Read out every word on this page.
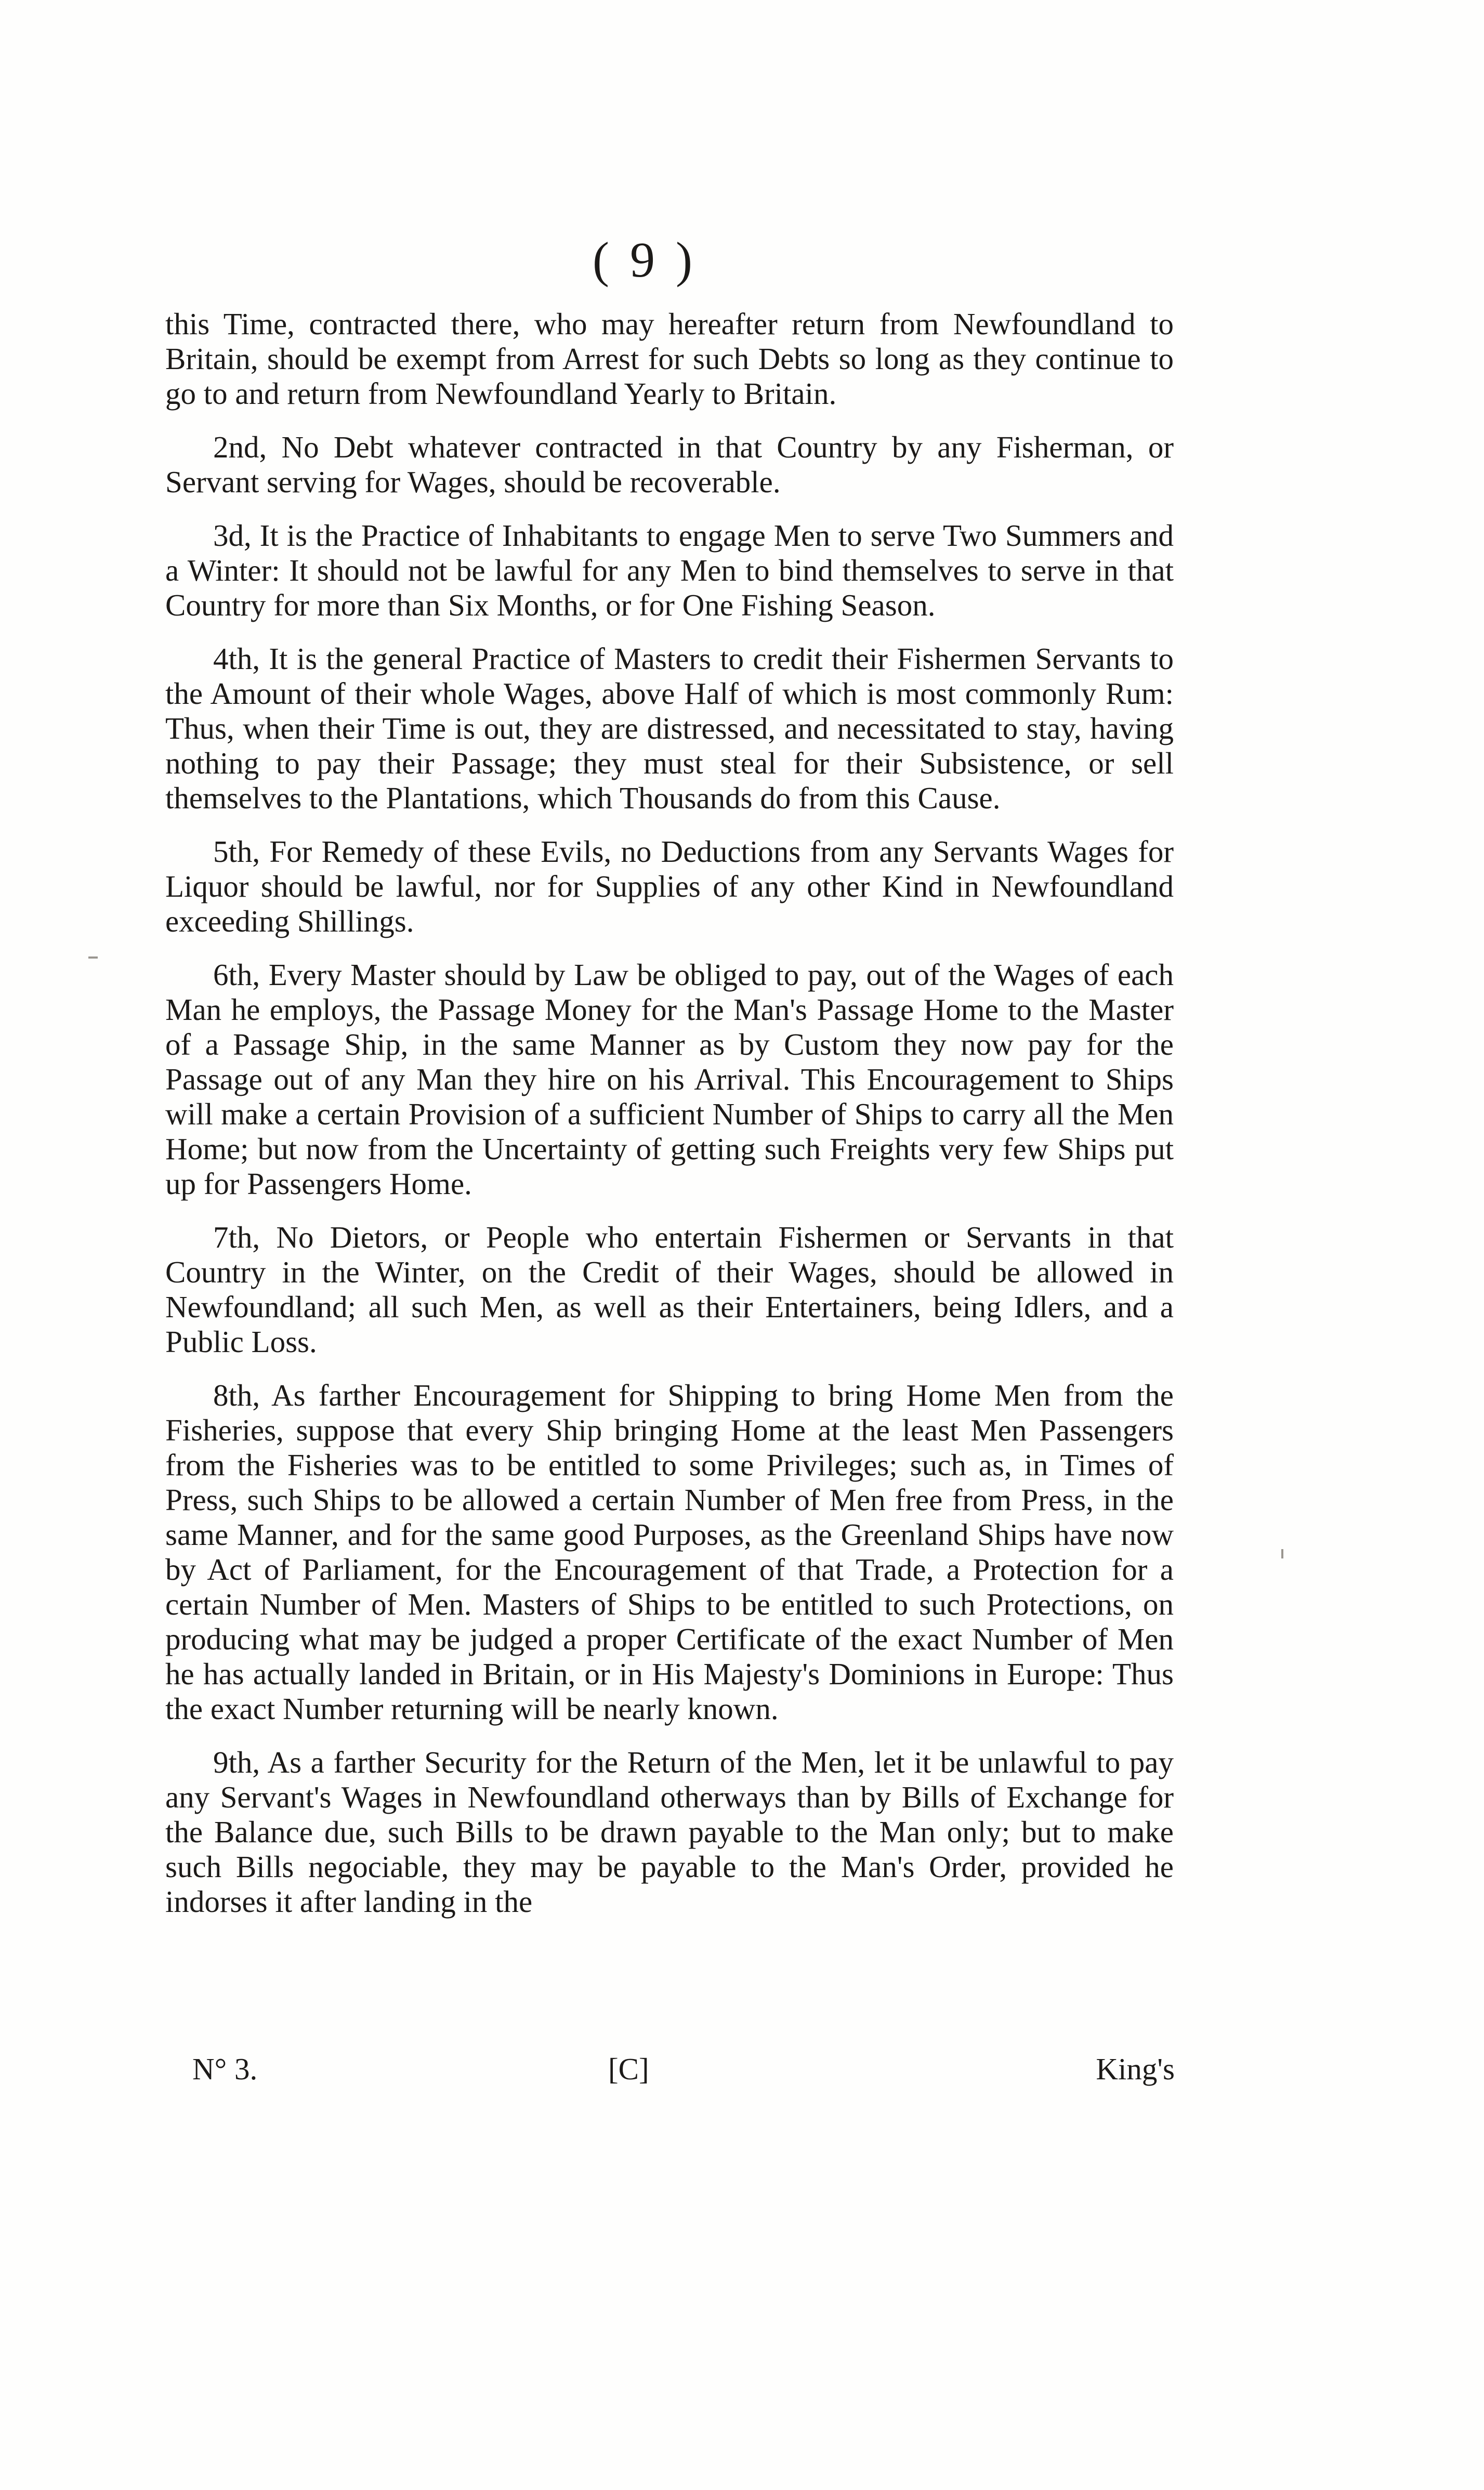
( 9 )

this Time, contracted there, who may hereafter return from Newfoundland to Britain, should be exempt from Arrest for such Debts so long as they continue to go to and return from Newfoundland Yearly to Britain.

2nd, No Debt whatever contracted in that Country by any Fisherman, or Servant serving for Wages, should be recoverable.

3d, It is the Practice of Inhabitants to engage Men to serve Two Summers and a Winter: It should not be lawful for any Men to bind themselves to serve in that Country for more than Six Months, or for One Fishing Season.

4th, It is the general Practice of Masters to credit their Fishermen Servants to the Amount of their whole Wages, above Half of which is most commonly Rum: Thus, when their Time is out, they are distressed, and necessitated to stay, having nothing to pay their Passage; they must steal for their Subsistence, or sell themselves to the Plantations, which Thousands do from this Cause.

5th, For Remedy of these Evils, no Deductions from any Servants Wages for Liquor should be lawful, nor for Supplies of any other Kind in Newfoundland exceeding Shillings.

6th, Every Master should by Law be obliged to pay, out of the Wages of each Man he employs, the Passage Money for the Man's Passage Home to the Master of a Passage Ship, in the same Manner as by Custom they now pay for the Passage out of any Man they hire on his Arrival. This Encouragement to Ships will make a certain Provision of a sufficient Number of Ships to carry all the Men Home; but now from the Uncertainty of getting such Freights very few Ships put up for Passengers Home.

7th, No Dietors, or People who entertain Fishermen or Servants in that Country in the Winter, on the Credit of their Wages, should be allowed in Newfoundland; all such Men, as well as their Entertainers, being Idlers, and a Public Loss.

8th, As farther Encouragement for Shipping to bring Home Men from the Fisheries, suppose that every Ship bringing Home at the least Men Passengers from the Fisheries was to be entitled to some Privileges; such as, in Times of Press, such Ships to be allowed a certain Number of Men free from Press, in the same Manner, and for the same good Purposes, as the Greenland Ships have now by Act of Parliament, for the Encouragement of that Trade, a Protection for a certain Number of Men. Masters of Ships to be entitled to such Protections, on producing what may be judged a proper Certificate of the exact Number of Men he has actually landed in Britain, or in His Majesty's Dominions in Europe: Thus the exact Number returning will be nearly known.

9th, As a farther Security for the Return of the Men, let it be unlawful to pay any Servant's Wages in Newfoundland otherways than by Bills of Exchange for the Balance due, such Bills to be drawn payable to the Man only; but to make such Bills negociable, they may be payable to the Man's Order, provided he indorses it after landing in the

N° 3.	[C]	King's
